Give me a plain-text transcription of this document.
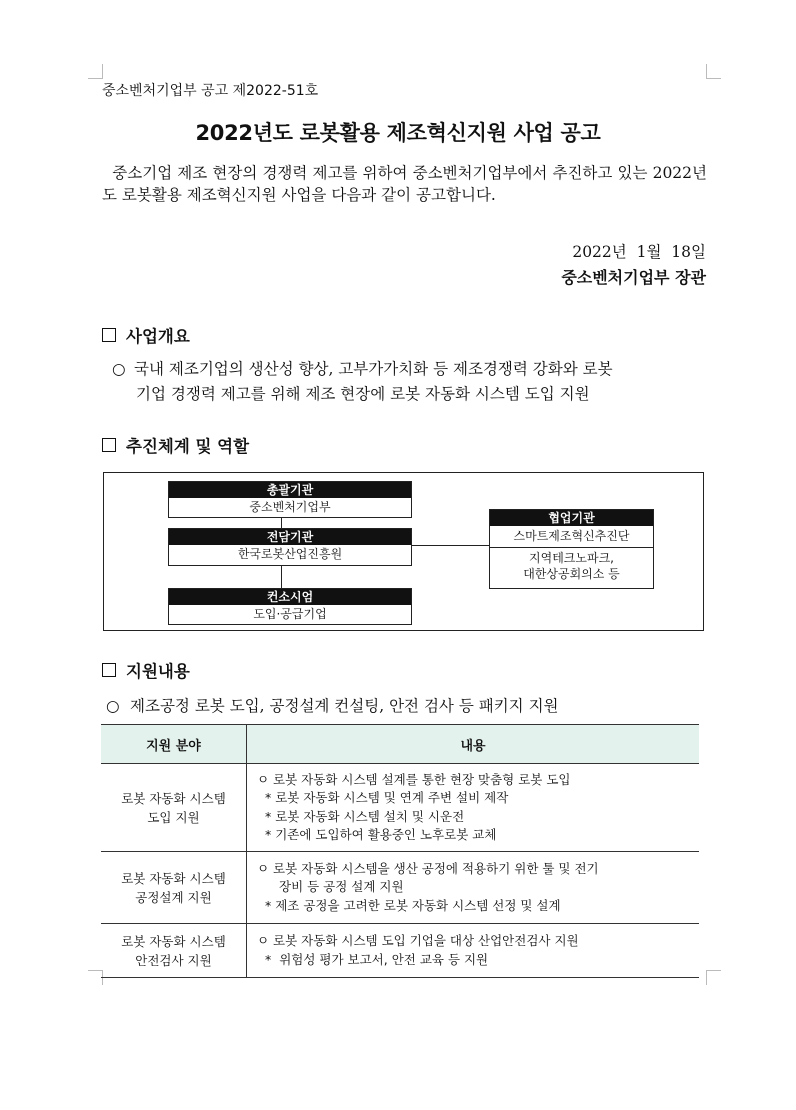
중소벤처기업부 공고 제2022-51호
2022년도 로봇활용 제조혁신지원 사업 공고
중소기업 제조 현장의 경쟁력 제고를 위하여 중소벤처기업부에서 추진하고 있는 2022년도 로봇활용 제조혁신지원 사업을 다음과 같이 공고합니다.
2022년  1월  18일
중소벤처기업부 장관
사업개요
○ 국내 제조기업의 생산성 향상, 고부가가치화 등 제조경쟁력 강화와 로봇
기업 경쟁력 제고를 위해 제조 현장에 로봇 자동화 시스템 도입 지원
추진체계 및 역할
총괄기관
중소벤처기업부
전담기관
한국로봇산업진흥원
컨소시엄
도입·공급기업
협업기관
스마트제조혁신추진단
지역테크노파크,
대한상공회의소 등
지원내용
○ 제조공정 로봇 도입, 공정설계 컨설팅, 안전 검사 등 패키지 지원
지원 분야	내용

로봇 자동화 시스템
도입 지원	ㅇ 로봇 자동화 시스템 설계를 통한 현장 맞춤형 로봇 도입
* 로봇 자동화 시스템 및 연계 주변 설비 제작
* 로봇 자동화 시스템 설치 및 시운전
* 기존에 도입하여 활용중인 노후로봇 교체

로봇 자동화 시스템
공정설계 지원	ㅇ 로봇 자동화 시스템을 생산 공정에 적용하기 위한 툴 및 전기
장비 등 공정 설계 지원
* 제조 공정을 고려한 로봇 자동화 시스템 선정 및 설계

로봇 자동화 시스템
안전검사 지원	ㅇ 로봇 자동화 시스템 도입 기업을 대상 산업안전검사 지원
*  위험성 평가 보고서, 안전 교육 등 지원
